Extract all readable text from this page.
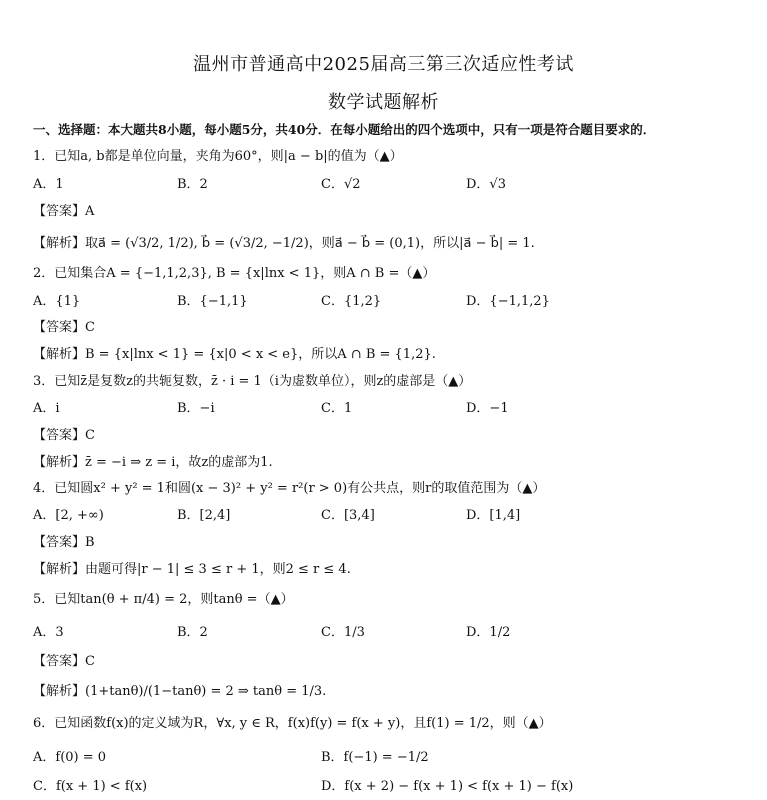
温州市普通高中2025届高三第三次适应性考试
数学试题解析
一、选择题：本大题共8小题，每小题5分，共40分．在每小题给出的四个选项中，只有一项是符合题目要求的．
1．已知a, b都是单位向量，夹角为60°，则|a − b|的值为（▲）
A．1	B．2	C．√2	D．√3
【答案】A
【解析】取a⃗ = (√3/2, 1/2), b⃗ = (√3/2, −1/2)，则a⃗ − b⃗ = (0,1)，所以|a⃗ − b⃗| = 1.
2．已知集合A = {−1,1,2,3}, B = {x|lnx < 1}，则A ∩ B =（▲）
A．{1}	B．{−1,1}	C．{1,2}	D．{−1,1,2}
【答案】C
【解析】B = {x|lnx < 1} = {x|0 < x < e}，所以A ∩ B = {1,2}.
3．已知z̄是复数z的共轭复数，z̄ · i = 1（i为虚数单位），则z的虚部是（▲）
A．i	B．−i	C．1	D．−1
【答案】C
【解析】z̄ = −i ⇒ z = i，故z的虚部为1.
4．已知圆x² + y² = 1和圆(x − 3)² + y² = r²(r > 0)有公共点，则r的取值范围为（▲）
A．[2, +∞)	B．[2,4]	C．[3,4]	D．[1,4]
【答案】B
【解析】由题可得|r − 1| ≤ 3 ≤ r + 1，则2 ≤ r ≤ 4.
5．已知tan(θ + π/4) = 2，则tanθ =（▲）
A．3	B．2	C．1/3	D．1/2
【答案】C
【解析】(1+tanθ)/(1−tanθ) = 2 ⇒ tanθ = 1/3.
6．已知函数f(x)的定义域为R，∀x, y ∈ R，f(x)f(y) = f(x + y)，且f(1) = 1/2，则（▲）
A．f(0) = 0	B．f(−1) = −1/2
C．f(x + 1) < f(x)	D．f(x + 2) − f(x + 1) < f(x + 1) − f(x)
